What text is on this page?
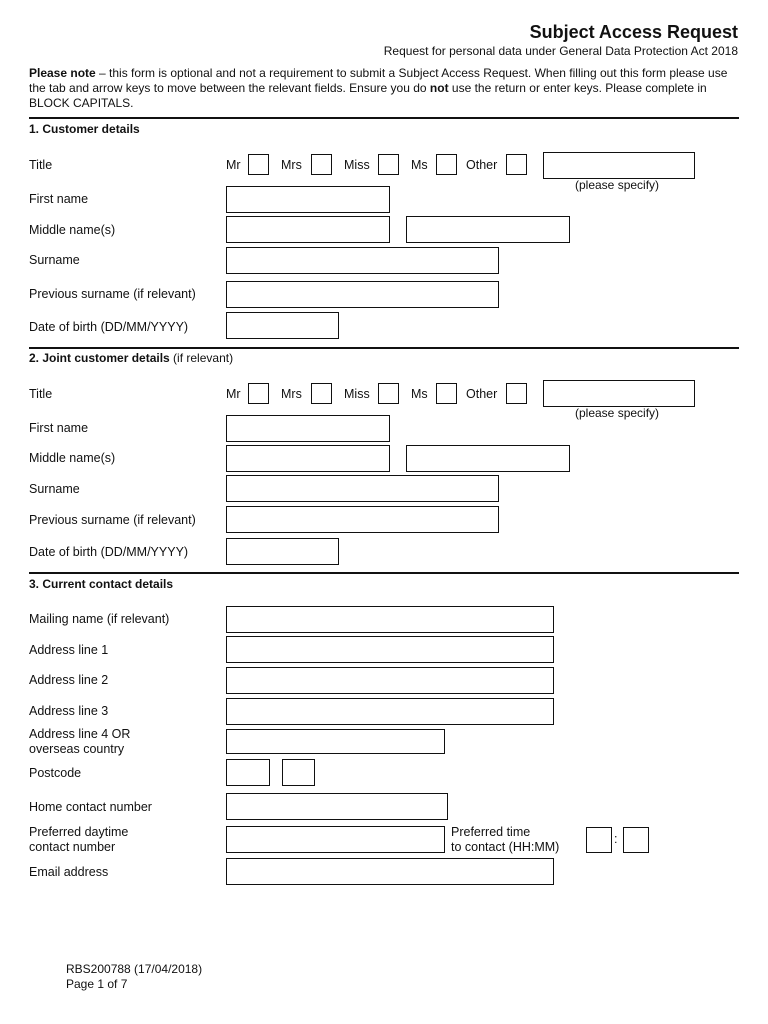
Subject Access Request
Request for personal data under General Data Protection Act 2018
Please note – this form is optional and not a requirement to submit a Subject Access Request. When filling out this form please use the tab and arrow keys to move between the relevant fields. Ensure you do not use the return or enter keys. Please complete in BLOCK CAPITALS.
1. Customer details
Title	Mr	Mrs	Miss	Ms	Other
(please specify)
First name
Middle name(s)
Surname
Previous surname (if relevant)
Date of birth (DD/MM/YYYY)
2. Joint customer details (if relevant)
Title	Mr	Mrs	Miss	Ms	Other
(please specify)
First name
Middle name(s)
Surname
Previous surname (if relevant)
Date of birth (DD/MM/YYYY)
3. Current contact details
Mailing name (if relevant)
Address line 1
Address line 2
Address line 3
Address line 4 OR
overseas country
Postcode
Home contact number
Preferred daytime
contact number
Preferred time
to contact (HH:MM)
:
Email address
RBS200788 (17/04/2018)
Page 1 of 7
